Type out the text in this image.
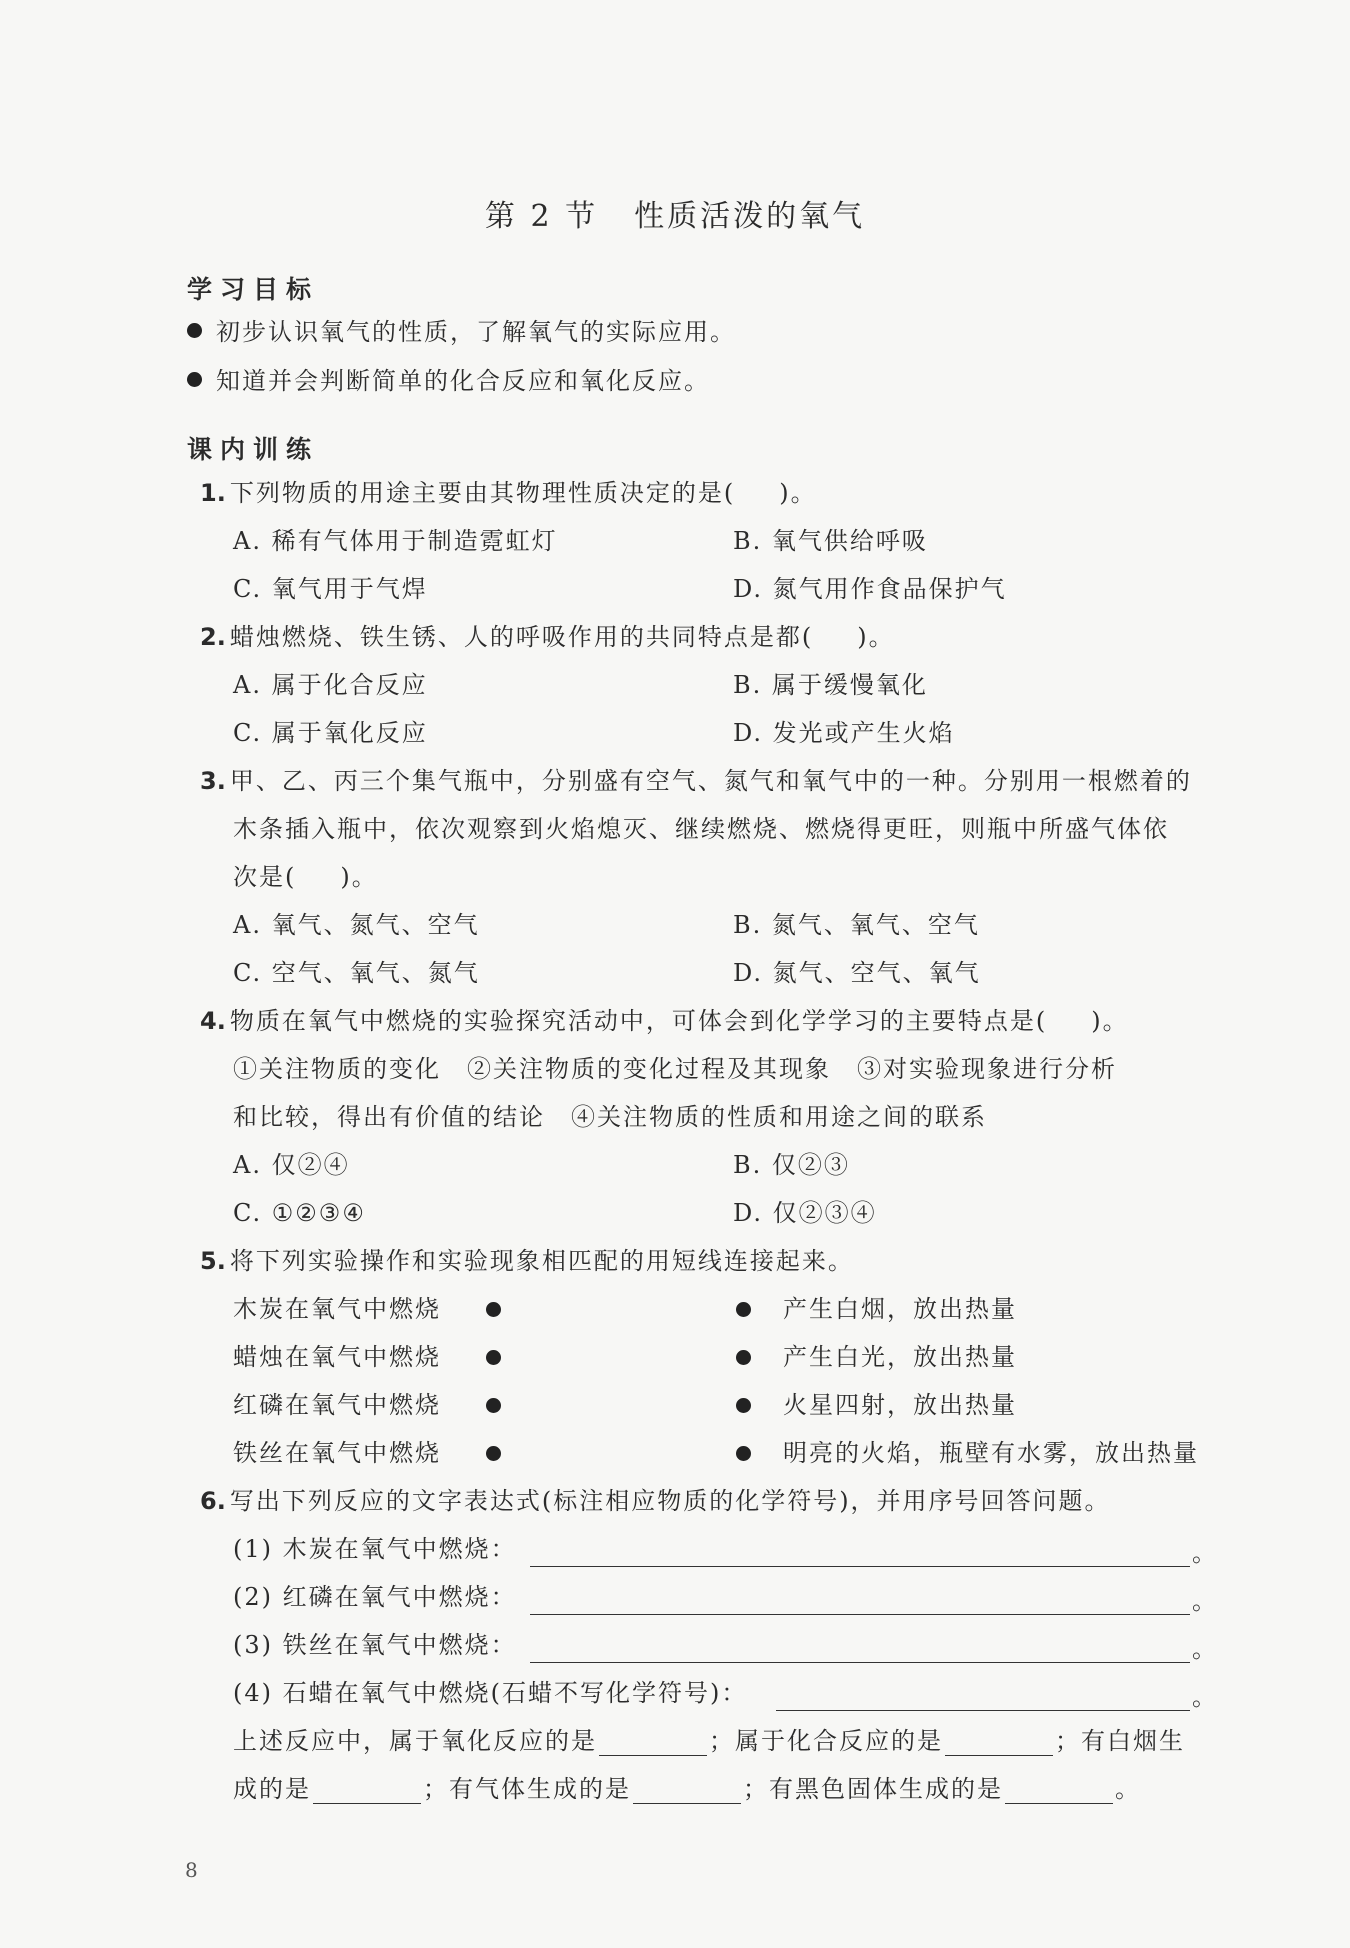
第 2 节 性质活泼的氧气
学习目标
初步认识氧气的性质，了解氧气的实际应用。
知道并会判断简单的化合反应和氧化反应。
课内训练
1. 下列物质的用途主要由其物理性质决定的是( )。
A. 稀有气体用于制造霓虹灯	B. 氧气供给呼吸
C. 氧气用于气焊	D. 氮气用作食品保护气
2. 蜡烛燃烧、铁生锈、人的呼吸作用的共同特点是都( )。
A. 属于化合反应	B. 属于缓慢氧化
C. 属于氧化反应	D. 发光或产生火焰
3. 甲、乙、丙三个集气瓶中，分别盛有空气、氮气和氧气中的一种。分别用一根燃着的
木条插入瓶中，依次观察到火焰熄灭、继续燃烧、燃烧得更旺，则瓶中所盛气体依
次是( )。
A. 氧气、氮气、空气	B. 氮气、氧气、空气
C. 空气、氧气、氮气	D. 氮气、空气、氧气
4. 物质在氧气中燃烧的实验探究活动中，可体会到化学学习的主要特点是( )。
①关注物质的变化　②关注物质的变化过程及其现象　③对实验现象进行分析
和比较，得出有价值的结论　④关注物质的性质和用途之间的联系
A. 仅②④	B. 仅②③
C. ①②③④	D. 仅②③④
5. 将下列实验操作和实验现象相匹配的用短线连接起来。
木炭在氧气中燃烧	产生白烟，放出热量
蜡烛在氧气中燃烧	产生白光，放出热量
红磷在氧气中燃烧	火星四射，放出热量
铁丝在氧气中燃烧	明亮的火焰，瓶壁有水雾，放出热量
6. 写出下列反应的文字表达式(标注相应物质的化学符号)，并用序号回答问题。
(1) 木炭在氧气中燃烧：	。
(2) 红磷在氧气中燃烧：	。
(3) 铁丝在氧气中燃烧：	。
(4) 石蜡在氧气中燃烧(石蜡不写化学符号)：	。
上述反应中，属于氧化反应的是	；属于化合反应的是	；有白烟生
成的是	；有气体生成的是	；有黑色固体生成的是	。
8
